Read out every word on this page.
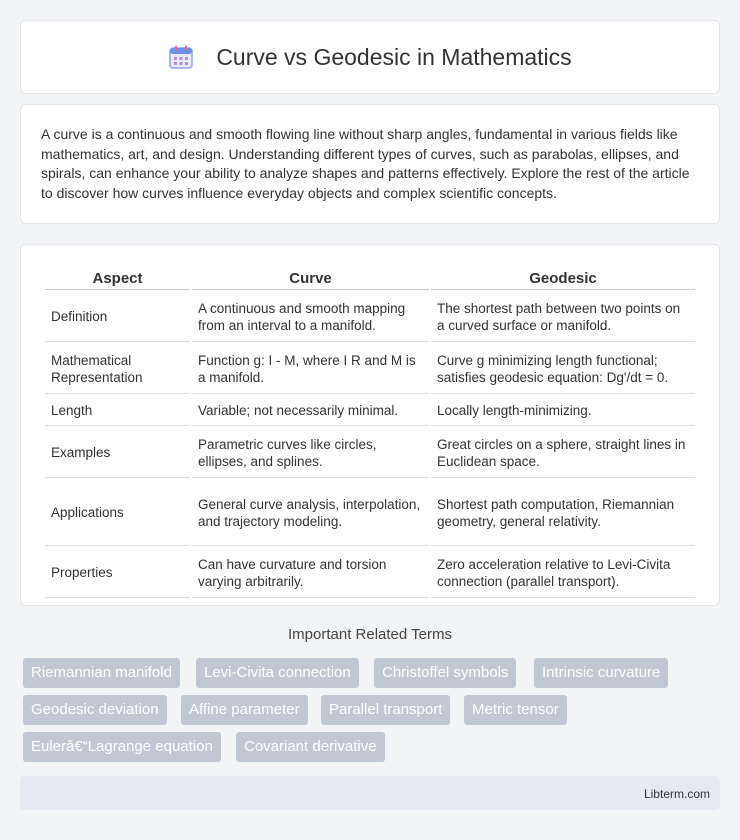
Curve vs Geodesic in Mathematics

A curve is a continuous and smooth flowing line without sharp angles, fundamental in various fields like mathematics, art, and design. Understanding different types of curves, such as parabolas, ellipses, and spirals, can enhance your ability to analyze shapes and patterns effectively. Explore the rest of the article to discover how curves influence everyday objects and complex scientific concepts.

Aspect	Curve	Geodesic
Definition	A continuous and smooth mapping from an interval to a manifold.	The shortest path between two points on a curved surface or manifold.
Mathematical Representation	Function g: I - M, where I R and M is a manifold.	Curve g minimizing length functional; satisfies geodesic equation: Dg'/dt = 0.
Length	Variable; not necessarily minimal.	Locally length-minimizing.
Examples	Parametric curves like circles, ellipses, and splines.	Great circles on a sphere, straight lines in Euclidean space.
Applications	General curve analysis, interpolation, and trajectory modeling.	Shortest path computation, Riemannian geometry, general relativity.
Properties	Can have curvature and torsion varying arbitrarily.	Zero acceleration relative to Levi-Civita connection (parallel transport).
Important Related Terms
Riemannian manifold	Levi-Civita connection	Christoffel symbols	Intrinsic curvature
Geodesic deviation	Affine parameter	Parallel transport	Metric tensor
Eulerâ€“Lagrange equation	Covariant derivative
Libterm.com
